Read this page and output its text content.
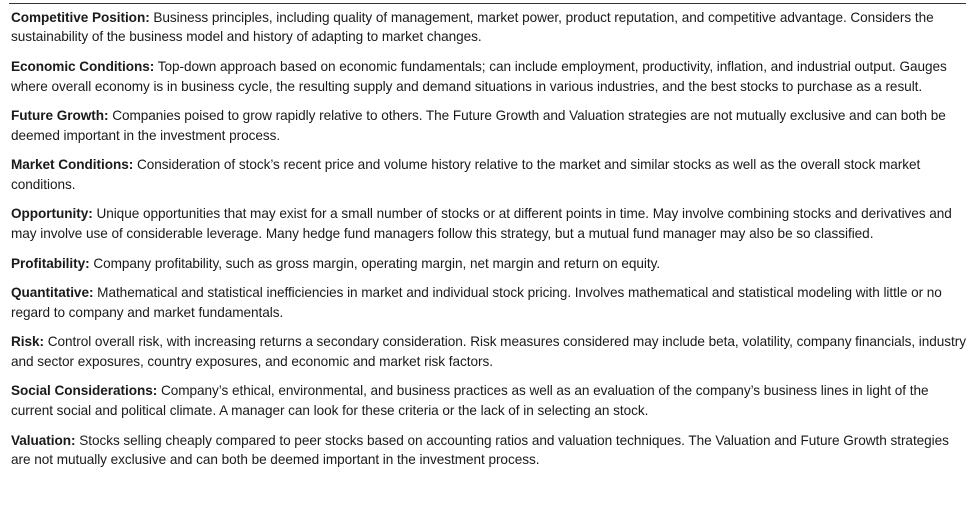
Competitive Position: Business principles, including quality of management, market power, product reputation, and competitive advantage. Considers the sustainability of the business model and history of adapting to market changes.
Economic Conditions: Top-down approach based on economic fundamentals; can include employment, productivity, inflation, and industrial output. Gauges where overall economy is in business cycle, the resulting supply and demand situations in various industries, and the best stocks to purchase as a result.
Future Growth: Companies poised to grow rapidly relative to others. The Future Growth and Valuation strategies are not mutually exclusive and can both be deemed important in the investment process.
Market Conditions: Consideration of stock’s recent price and volume history relative to the market and similar stocks as well as the overall stock market conditions.
Opportunity: Unique opportunities that may exist for a small number of stocks or at different points in time. May involve combining stocks and derivatives and may involve use of considerable leverage. Many hedge fund managers follow this strategy, but a mutual fund manager may also be so classified.
Profitability: Company profitability, such as gross margin, operating margin, net margin and return on equity.
Quantitative: Mathematical and statistical inefficiencies in market and individual stock pricing. Involves mathematical and statistical modeling with little or no regard to company and market fundamentals.
Risk: Control overall risk, with increasing returns a secondary consideration. Risk measures considered may include beta, volatility, company financials, industry and sector exposures, country exposures, and economic and market risk factors.
Social Considerations: Company’s ethical, environmental, and business practices as well as an evaluation of the company’s business lines in light of the current social and political climate. A manager can look for these criteria or the lack of in selecting an stock.
Valuation: Stocks selling cheaply compared to peer stocks based on accounting ratios and valuation techniques. The Valuation and Future Growth strategies are not mutually exclusive and can both be deemed important in the investment process.
